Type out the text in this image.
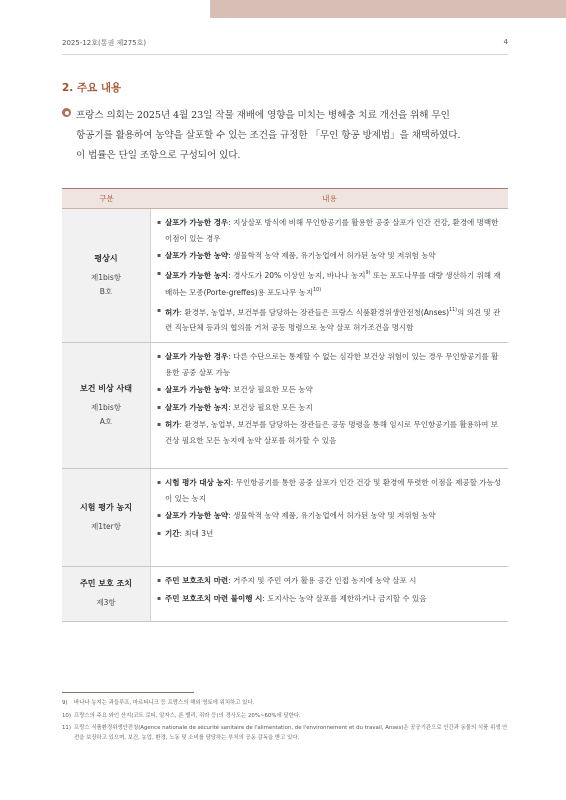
2025-12호(통권 제275호)	4
2. 주요 내용
프랑스 의회는 2025년 4월 23일 작물 재배에 영향을 미치는 병해충 치료 개선을 위해 무인
항공기를 활용하여 농약을 살포할 수 있는 조건을 규정한 「무인 항공 방제법」을 채택하였다.
이 법률은 단일 조항으로 구성되어 있다.
구분	내용
평상시
제1bis항
B호
▪ 살포가 가능한 경우: 지상살포 방식에 비해 무인항공기를 활용한 공중 살포가 인간 건강, 환경에 명백한 이점이 있는 경우
▪ 살포가 가능한 농약: 생물학적 농약 제품, 유기농업에서 허가된 농약 및 저위험 농약
▪ 살포가 가능한 농지: 경사도가 20% 이상인 농지, 바나나 농지$^{9)}$ 또는 포도나무를 대량 생산하기 위해 재배하는 모종(Porte-greffes)용 포도나무 농지$^{10)}$
▪ 허가: 환경부, 농업부, 보건부를 담당하는 장관들은 프랑스 식품환경위생안전청(Anses)$^{11)}$의 의견 및 관련 직능단체 등과의 협의를 거쳐 공동 명령으로 농약 살포 허가조건을 명시함
보건 비상 사태
제1bis항
A호
▪ 살포가 가능한 경우: 다른 수단으로는 통제할 수 없는 심각한 보건상 위험이 있는 경우 무인항공기를 활용한 공중 살포 가능
▪ 살포가 가능한 농약: 보건상 필요한 모든 농약
▪ 살포가 가능한 농지: 보건상 필요한 모든 농지
▪ 허가: 환경부, 농업부, 보건부를 담당하는 장관들은 공동 명령을 통해 임시로 무인항공기를 활용하여 보건상 필요한 모든 농지에 농약 살포를 허가할 수 있음
시험 평가 농지
제1ter항
▪ 시험 평가 대상 농지: 무인항공기를 통한 공중 살포가 인간 건강 및 환경에 뚜렷한 이점을 제공할 가능성이 있는 농지
▪ 살포가 가능한 농약: 생물학적 농약 제품, 유기농업에서 허가된 농약 및 저위험 농약
▪ 기간: 최대 3년
주민 보호 조치
제3항
▪ 주민 보호조치 마련: 거주지 및 주민 여가 활용 공간 인접 농지에 농약 살포 시
▪ 주민 보호조치 마련 불이행 시: 도지사는 농약 살포를 제한하거나 금지할 수 있음
9) 바나나 농지는 과들루프, 마르티니크 등 프랑스의 해외 영토에 위치하고 있다.
10) 프랑스의 주요 와인 산지(코트 로티, 알자스, 론 밸리, 쥐라 등)의 경사도는 20%~60%에 달한다.
11) 프랑스 식품환경위생안전청(Agence nationale de sécurité sanitaire de l'alimentation, de l'environnement et du travail, Anses)은 공공기관으로 인간과 동물의 식품 위생 안전을 보장하고 있으며, 보건, 농업, 환경, 노동 및 소비를 담당하는 부처의 공동 감독을 받고 있다.
